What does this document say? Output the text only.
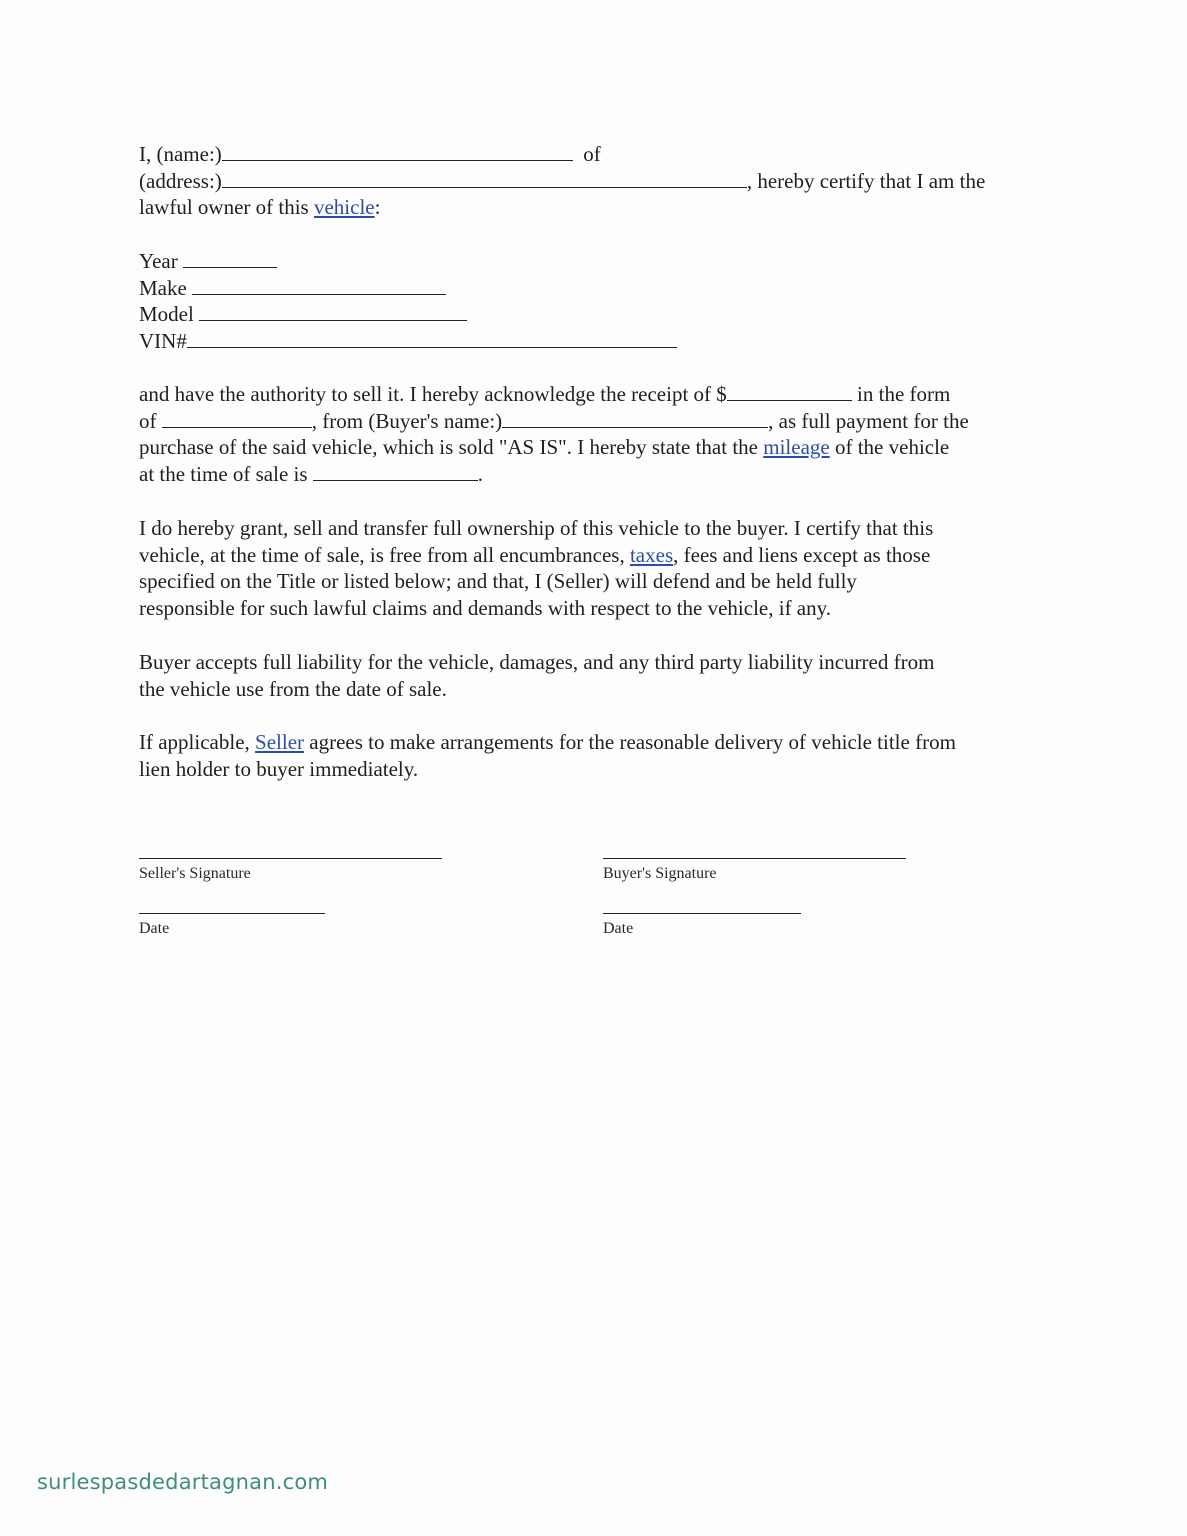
I, (name:)	of
(address:)	, hereby certify that I am the
lawful owner of this vehicle:
Year
Make
Model
VIN#
and have the authority to sell it. I hereby acknowledge the receipt of $	in the form
of	, from (Buyer's name:)	, as full payment for the
purchase of the said vehicle, which is sold "AS IS". I hereby state that the mileage of the vehicle
at the time of sale is	.
I do hereby grant, sell and transfer full ownership of this vehicle to the buyer. I certify that this
vehicle, at the time of sale, is free from all encumbrances, taxes, fees and liens except as those
specified on the Title or listed below; and that, I (Seller) will defend and be held fully
responsible for such lawful claims and demands with respect to the vehicle, if any.
Buyer accepts full liability for the vehicle, damages, and any third party liability incurred from
the vehicle use from the date of sale.
If applicable, Seller agrees to make arrangements for the reasonable delivery of vehicle title from
lien holder to buyer immediately.
Seller's Signature	Buyer's Signature
Date	Date
surlespasdedartagnan.com
